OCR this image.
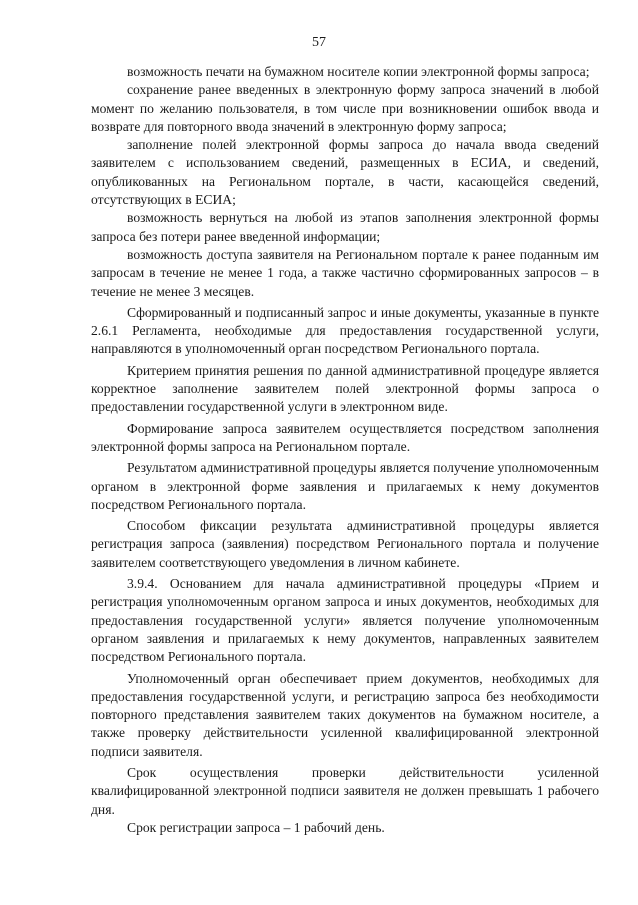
57

возможность печати на бумажном носителе копии электронной формы запроса;

сохранение ранее введенных в электронную форму запроса значений в любой момент по желанию пользователя, в том числе при возникновении ошибок ввода и возврате для повторного ввода значений в электронную форму запроса;

заполнение полей электронной формы запроса до начала ввода сведений заявителем с использованием сведений, размещенных в ЕСИА, и сведений, опубликованных на Региональном портале, в части, касающейся сведений, отсутствующих в ЕСИА;

возможность вернуться на любой из этапов заполнения электронной формы запроса без потери ранее введенной информации;

возможность доступа заявителя на Региональном портале к ранее поданным им запросам в течение не менее 1 года, а также частично сформированных запросов – в течение не менее 3 месяцев.

Сформированный и подписанный запрос и иные документы, указанные в пункте 2.6.1 Регламента, необходимые для предоставления государственной услуги, направляются в уполномоченный орган посредством Регионального портала.

Критерием принятия решения по данной административной процедуре является корректное заполнение заявителем полей электронной формы запроса о предоставлении государственной услуги в электронном виде.

Формирование запроса заявителем осуществляется посредством заполнения электронной формы запроса на Региональном портале.

Результатом административной процедуры является получение уполномоченным органом в электронной форме заявления и прилагаемых к нему документов посредством Регионального портала.

Способом фиксации результата административной процедуры является регистрация запроса (заявления) посредством Регионального портала и получение заявителем соответствующего уведомления в личном кабинете.

3.9.4. Основанием для начала административной процедуры «Прием и регистрация уполномоченным органом запроса и иных документов, необходимых для предоставления государственной услуги» является получение уполномоченным органом заявления и прилагаемых к нему документов, направленных заявителем посредством Регионального портала.

Уполномоченный орган обеспечивает прием документов, необходимых для предоставления государственной услуги, и регистрацию запроса без необходимости повторного представления заявителем таких документов на бумажном носителе, а также проверку действительности усиленной квалифицированной электронной подписи заявителя.

Срок осуществления проверки действительности усиленной квалифицированной электронной подписи заявителя не должен превышать 1 рабочего дня.

Срок регистрации запроса – 1 рабочий день.
